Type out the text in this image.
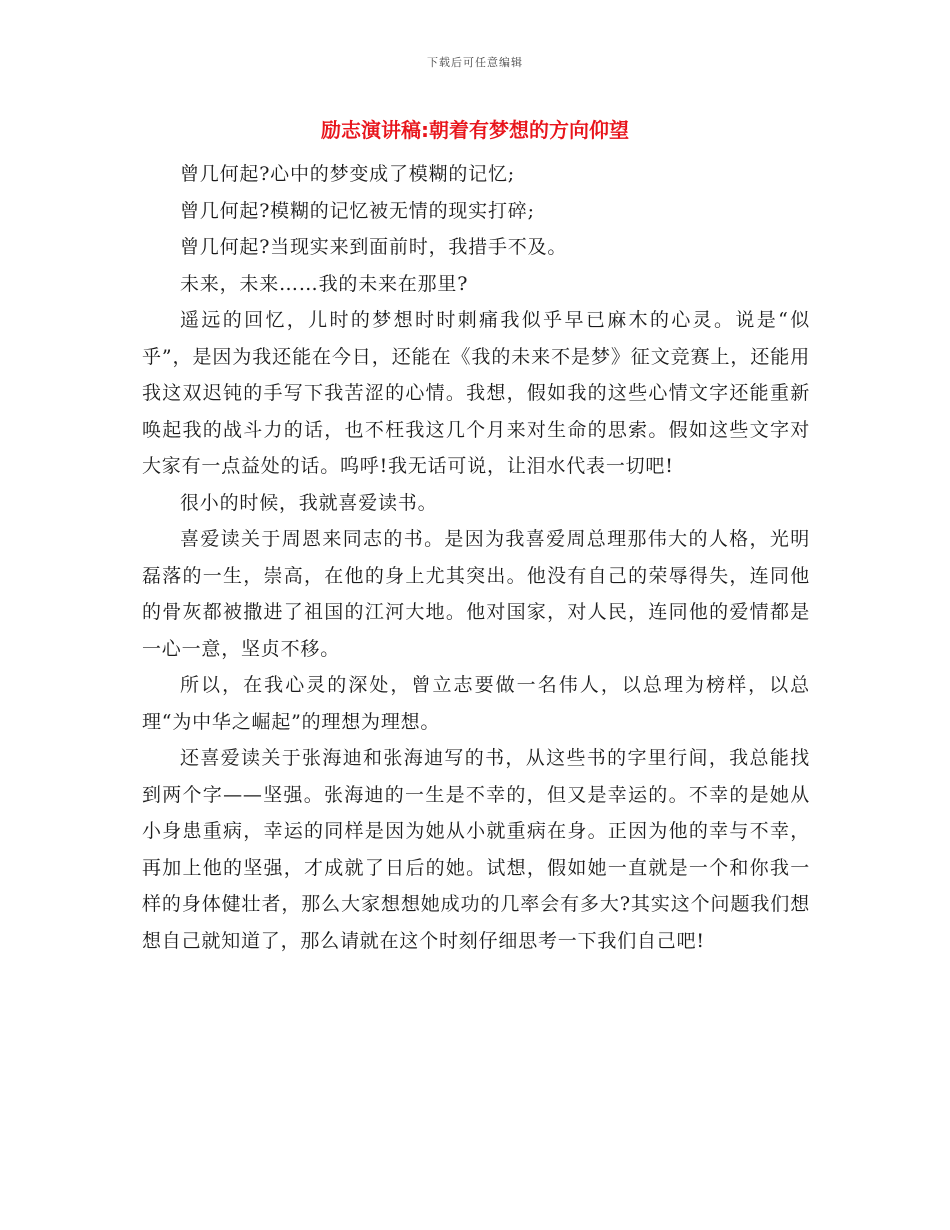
下载后可任意编辑
励志演讲稿:朝着有梦想的方向仰望

曾几何起?心中的梦变成了模糊的记忆;

曾几何起?模糊的记忆被无情的现实打碎;

曾几何起?当现实来到面前时，我措手不及。

未来，未来……我的未来在那里?

遥远的回忆，儿时的梦想时时刺痛我似乎早已麻木的心灵。说是“似乎”，是因为我还能在今日，还能在《我的未来不是梦》征文竞赛上，还能用我这双迟钝的手写下我苦涩的心情。我想，假如我的这些心情文字还能重新唤起我的战斗力的话，也不枉我这几个月来对生命的思索。假如这些文字对大家有一点益处的话。呜呼!我无话可说，让泪水代表一切吧!

很小的时候，我就喜爱读书。

喜爱读关于周恩来同志的书。是因为我喜爱周总理那伟大的人格，光明磊落的一生，崇高，在他的身上尤其突出。他没有自己的荣辱得失，连同他的骨灰都被撒进了祖国的江河大地。他对国家，对人民，连同他的爱情都是一心一意，坚贞不移。

所以，在我心灵的深处，曾立志要做一名伟人，以总理为榜样，以总理“为中华之崛起”的理想为理想。

还喜爱读关于张海迪和张海迪写的书，从这些书的字里行间，我总能找到两个字——坚强。张海迪的一生是不幸的，但又是幸运的。不幸的是她从小身患重病，幸运的同样是因为她从小就重病在身。正因为他的幸与不幸，再加上他的坚强，才成就了日后的她。试想，假如她一直就是一个和你我一样的身体健壮者，那么大家想想她成功的几率会有多大?其实这个问题我们想想自己就知道了，那么请就在这个时刻仔细思考一下我们自己吧!
